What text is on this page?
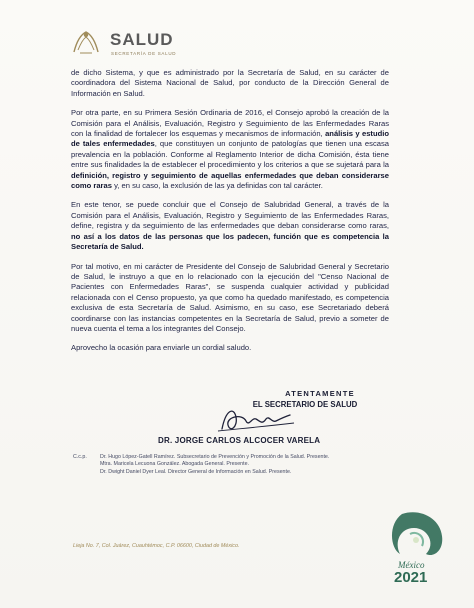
SALUD
SECRETARÍA DE SALUD

de dicho Sistema, y que es administrado por la Secretaría de Salud, en su carácter de coordinadora del Sistema Nacional de Salud, por conducto de la Dirección General de Información en Salud.

Por otra parte, en su Primera Sesión Ordinaria de 2016, el Consejo aprobó la creación de la Comisión para el Análisis, Evaluación, Registro y Seguimiento de las Enfermedades Raras con la finalidad de fortalecer los esquemas y mecanismos de información, análisis y estudio de tales enfermedades, que constituyen un conjunto de patologías que tienen una escasa prevalencia en la población. Conforme al Reglamento Interior de dicha Comisión, ésta tiene entre sus finalidades la de establecer el procedimiento y los criterios a que se sujetará para la definición, registro y seguimiento de aquellas enfermedades que deban considerarse como raras y, en su caso, la exclusión de las ya definidas con tal carácter.

En este tenor, se puede concluir que el Consejo de Salubridad General, a través de la Comisión para el Análisis, Evaluación, Registro y Seguimiento de las Enfermedades Raras, define, registra y da seguimiento de las enfermedades que deban considerarse como raras, no así a los datos de las personas que los padecen, función que es competencia la Secretaría de Salud.

Por tal motivo, en mi carácter de Presidente del Consejo de Salubridad General y Secretario de Salud, le instruyo a que en lo relacionado con la ejecución del "Censo Nacional de Pacientes con Enfermedades Raras", se suspenda cualquier actividad y publicidad relacionada con el Censo propuesto, ya que como ha quedado manifestado, es competencia exclusiva de esta Secretaría de Salud. Asimismo, en su caso, ese Secretariado deberá coordinarse con las instancias competentes en la Secretaría de Salud, previo a someter de nueva cuenta el tema a los integrantes del Consejo.

Aprovecho la ocasión para enviarle un cordial saludo.

ATENTAMENTE
EL SECRETARIO DE SALUD
DR. JORGE CARLOS ALCOCER VARELA
C.c.p. Dr. Hugo López-Gatell Ramírez. Subsecretario de Prevención y Promoción de la Salud. Presente.
Mtra. Maricela Lecuona González. Abogada General. Presente.
Dr. Dwight Daniel Dyer Leal. Director General de Información en Salud. Presente.
Lieja No. 7, Col. Juárez, Cuauhtémoc, C.P. 06600, Ciudad de México.
México
2021
